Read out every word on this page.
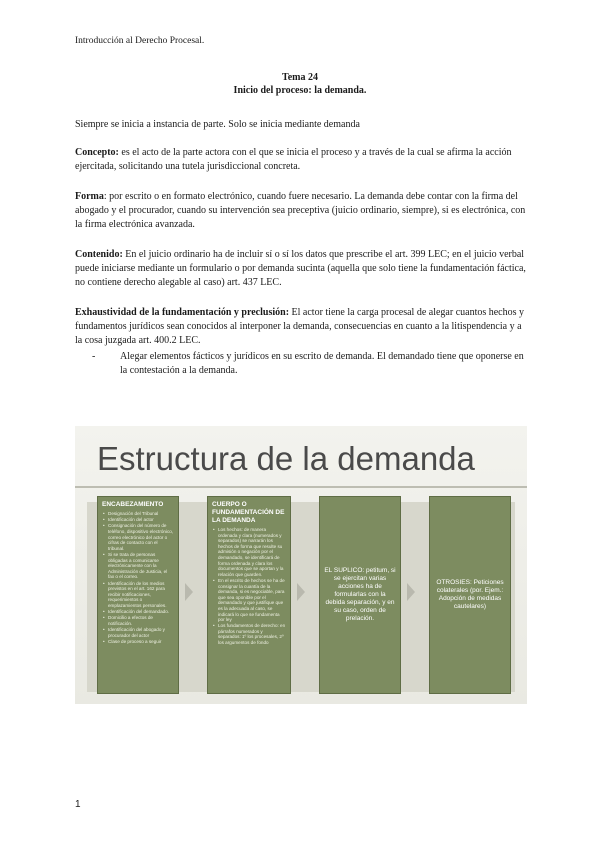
Introducción al Derecho Procesal.
Tema 24
Inicio del proceso: la demanda.
Siempre se inicia a instancia de parte. Solo se inicia mediante demanda
Concepto: es el acto de la parte actora con el que se inicia el proceso y a través de la cual se afirma la acción ejercitada, solicitando una tutela jurisdiccional concreta.
Forma: por escrito o en formato electrónico, cuando fuere necesario. La demanda debe contar con la firma del abogado y el procurador, cuando su intervención sea preceptiva (juicio ordinario, siempre), si es electrónica, con la firma electrónica avanzada.
Contenido: En el juicio ordinario ha de incluir sí o sí los datos que prescribe el art. 399 LEC; en el juicio verbal puede iniciarse mediante un formulario o por demanda sucinta (aquella que solo tiene la fundamentación fáctica, no contiene derecho alegable al caso) art. 437 LEC.
Exhaustividad de la fundamentación y preclusión: El actor tiene la carga procesal de alegar cuantos hechos y fundamentos jurídicos sean conocidos al interponer la demanda, consecuencias en cuanto a la litispendencia y a la cosa juzgada art. 400.2 LEC.
- Alegar elementos fácticos y jurídicos en su escrito de demanda. El demandado tiene que oponerse en la contestación a la demanda.
Estructura de la demanda
ENCABEZAMIENTO
• Designación del Tribunal
• Identificación del actor
• Consignación del número de teléfono, dispositivo electrónico, correo electrónico del actor o cifras de contacto con el tribunal.
• Si se trata de personas obligadas a comunicarse electrónicamente con la Administración de Justicia, el fax o el correo.
• Identificación de los medios previstos en el art. 162 para recibir notificaciones, requerimientos o emplazamientos personales.
• Identificación del demandado.
• Domicilio a efectos de notificación.
• Identificación del abogado y procurador del actor
• Clase de proceso a seguir
CUERPO O FUNDAMENTACIÓN DE LA DEMANDA
• Los hechos: de manera ordenada y clara (numerados y separados) se narrarán los hechos de forma que resulte su admisión o negación por el demandado, se identificará de forma ordenada y clara los documentos que se aportan y la relación que guarden.
• En el escrito de hechos se ha de consignar la cuantía de la demanda, si es negociable, para que sea oponible por el demandado y que justifique que es la adecuada al caso, se indicará lo que se fundamenta por ley
• Los fundamentos de derecho: en párrafos numerados y separados: 1º los procesales, 2º los argumentos de fondo
EL SUPLICO: petitum, si se ejercitan varias acciones ha de formularlas con la debida separación, y en su caso, orden de prelación.
OTROSIES: Peticiones colaterales (por. Ejem.: Adopción de medidas cautelares)
1
